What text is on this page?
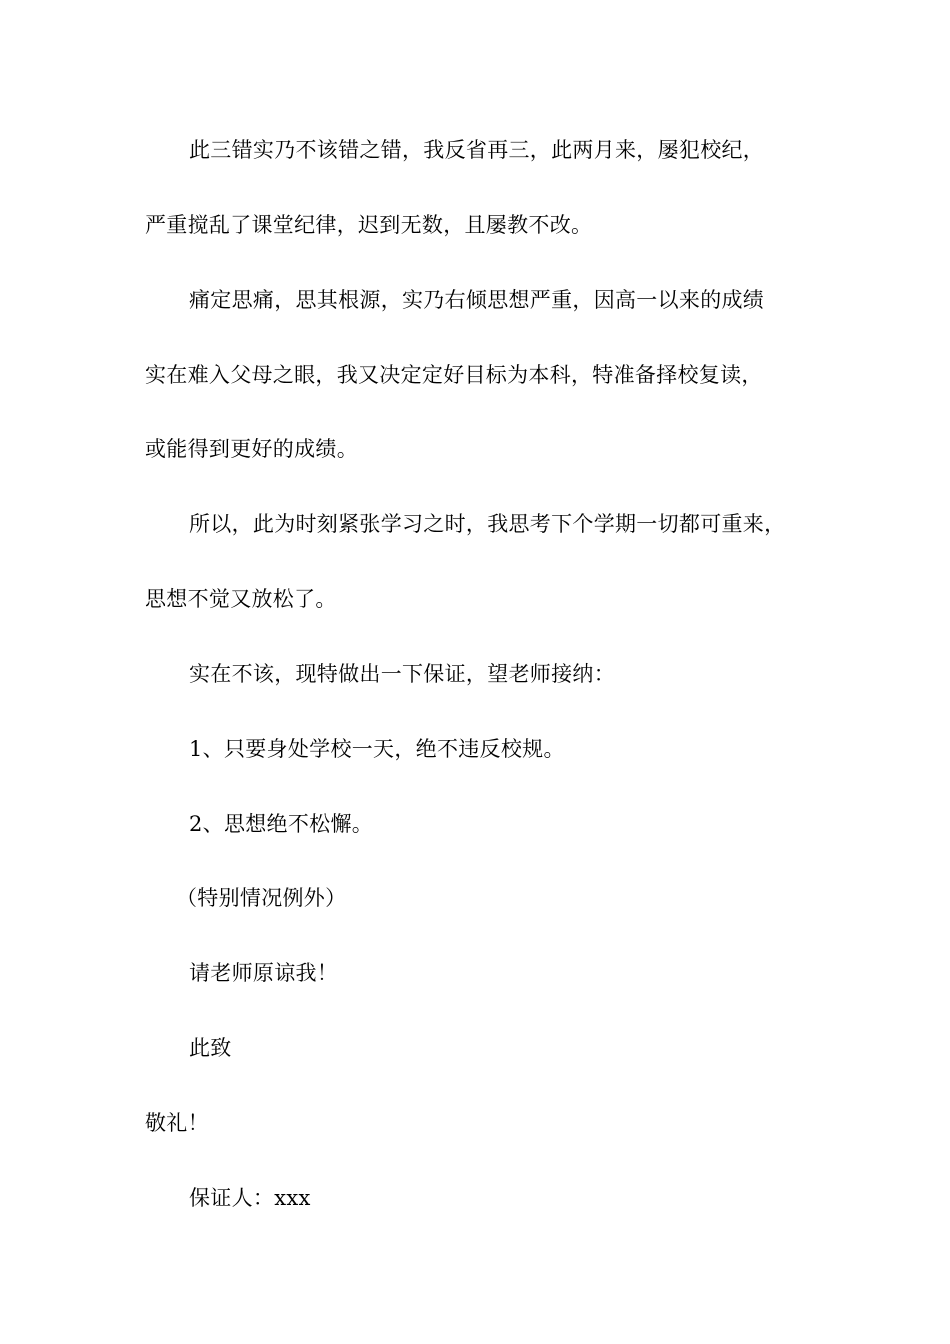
此三错实乃不该错之错，我反省再三，此两月来，屡犯校纪，
严重搅乱了课堂纪律，迟到无数，且屡教不改。
痛定思痛，思其根源，实乃右倾思想严重，因高一以来的成绩
实在难入父母之眼，我又决定定好目标为本科，特准备择校复读，
或能得到更好的成绩。
所以，此为时刻紧张学习之时，我思考下个学期一切都可重来，
思想不觉又放松了。
实在不该，现特做出一下保证，望老师接纳：
1、只要身处学校一天，绝不违反校规。
2、思想绝不松懈。
（特别情况例外）
请老师原谅我！
此致
敬礼！
保证人：xxx
